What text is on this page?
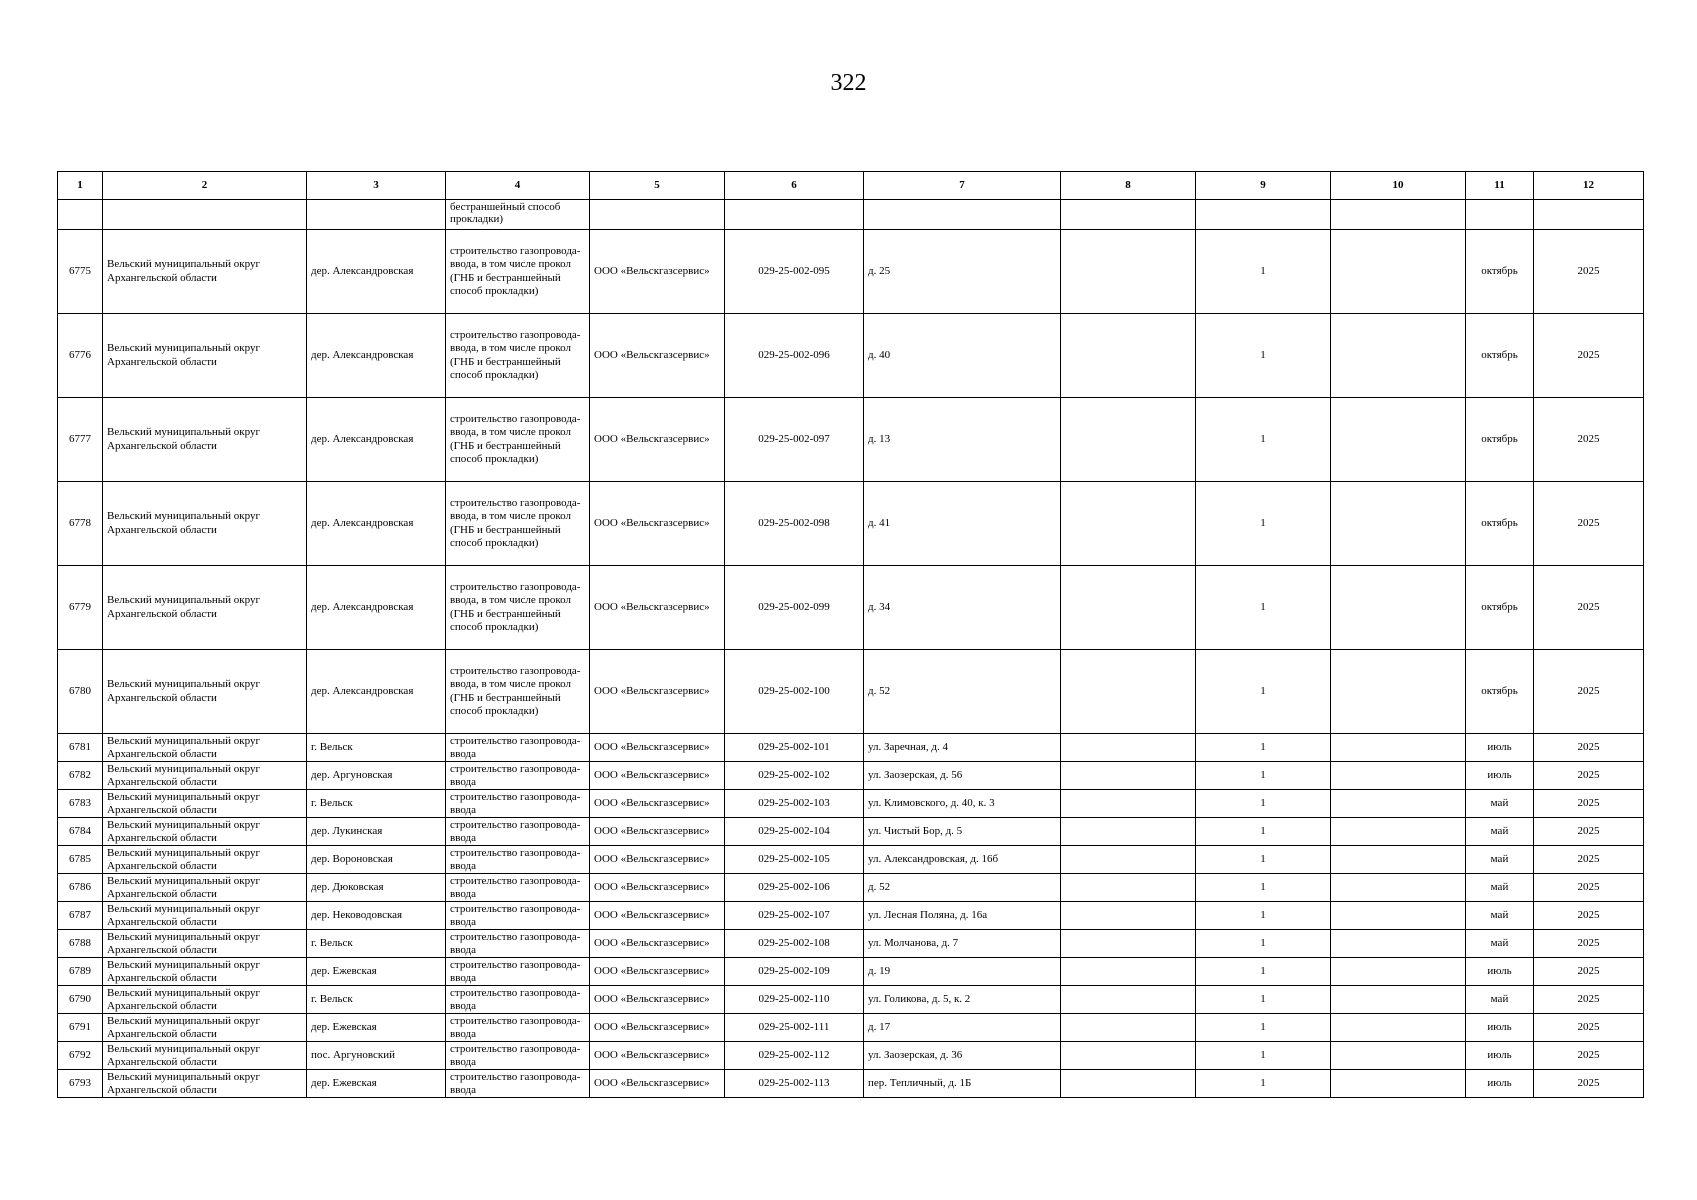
322
1	2	3	4	5	6	7	8	9	10	11	12
			бестраншейный способ прокладки)								
6775	Вельский муниципальный округ Архангельской области	дер. Александровская	строительство газопровода-ввода, в том числе прокол (ГНБ и бестраншейный способ прокладки)	ООО «Вельскгазсервис»	029-25-002-095	д. 25		1		октябрь	2025
6776	Вельский муниципальный округ Архангельской области	дер. Александровская	строительство газопровода-ввода, в том числе прокол (ГНБ и бестраншейный способ прокладки)	ООО «Вельскгазсервис»	029-25-002-096	д. 40		1		октябрь	2025
6777	Вельский муниципальный округ Архангельской области	дер. Александровская	строительство газопровода-ввода, в том числе прокол (ГНБ и бестраншейный способ прокладки)	ООО «Вельскгазсервис»	029-25-002-097	д. 13		1		октябрь	2025
6778	Вельский муниципальный округ Архангельской области	дер. Александровская	строительство газопровода-ввода, в том числе прокол (ГНБ и бестраншейный способ прокладки)	ООО «Вельскгазсервис»	029-25-002-098	д. 41		1		октябрь	2025
6779	Вельский муниципальный округ Архангельской области	дер. Александровская	строительство газопровода-ввода, в том числе прокол (ГНБ и бестраншейный способ прокладки)	ООО «Вельскгазсервис»	029-25-002-099	д. 34		1		октябрь	2025
6780	Вельский муниципальный округ Архангельской области	дер. Александровская	строительство газопровода-ввода, в том числе прокол (ГНБ и бестраншейный способ прокладки)	ООО «Вельскгазсервис»	029-25-002-100	д. 52		1		октябрь	2025
6781	Вельский муниципальный округ Архангельской области	г. Вельск	строительство газопровода-ввода	ООО «Вельскгазсервис»	029-25-002-101	ул. Заречная, д. 4		1		июль	2025
6782	Вельский муниципальный округ Архангельской области	дер. Аргуновская	строительство газопровода-ввода	ООО «Вельскгазсервис»	029-25-002-102	ул. Заозерская, д. 56		1		июль	2025
6783	Вельский муниципальный округ Архангельской области	г. Вельск	строительство газопровода-ввода	ООО «Вельскгазсервис»	029-25-002-103	ул. Климовского, д. 40, к. 3		1		май	2025
6784	Вельский муниципальный округ Архангельской области	дер. Лукинская	строительство газопровода-ввода	ООО «Вельскгазсервис»	029-25-002-104	ул. Чистый Бор, д. 5		1		май	2025
6785	Вельский муниципальный округ Архангельской области	дер. Вороновская	строительство газопровода-ввода	ООО «Вельскгазсервис»	029-25-002-105	ул. Александровская, д. 16б		1		май	2025
6786	Вельский муниципальный округ Архангельской области	дер. Дюковская	строительство газопровода-ввода	ООО «Вельскгазсервис»	029-25-002-106	д. 52		1		май	2025
6787	Вельский муниципальный округ Архангельской области	дер. Неководовская	строительство газопровода-ввода	ООО «Вельскгазсервис»	029-25-002-107	ул. Лесная Поляна, д. 16а		1		май	2025
6788	Вельский муниципальный округ Архангельской области	г. Вельск	строительство газопровода-ввода	ООО «Вельскгазсервис»	029-25-002-108	ул. Молчанова, д. 7		1		май	2025
6789	Вельский муниципальный округ Архангельской области	дер. Ежевская	строительство газопровода-ввода	ООО «Вельскгазсервис»	029-25-002-109	д. 19		1		июль	2025
6790	Вельский муниципальный округ Архангельской области	г. Вельск	строительство газопровода-ввода	ООО «Вельскгазсервис»	029-25-002-110	ул. Голикова, д. 5, к. 2		1		май	2025
6791	Вельский муниципальный округ Архангельской области	дер. Ежевская	строительство газопровода-ввода	ООО «Вельскгазсервис»	029-25-002-111	д. 17		1		июль	2025
6792	Вельский муниципальный округ Архангельской области	пос. Аргуновский	строительство газопровода-ввода	ООО «Вельскгазсервис»	029-25-002-112	ул. Заозерская, д. 36		1		июль	2025
6793	Вельский муниципальный округ Архангельской области	дер. Ежевская	строительство газопровода-ввода	ООО «Вельскгазсервис»	029-25-002-113	пер. Тепличный, д. 1Б		1		июль	2025
